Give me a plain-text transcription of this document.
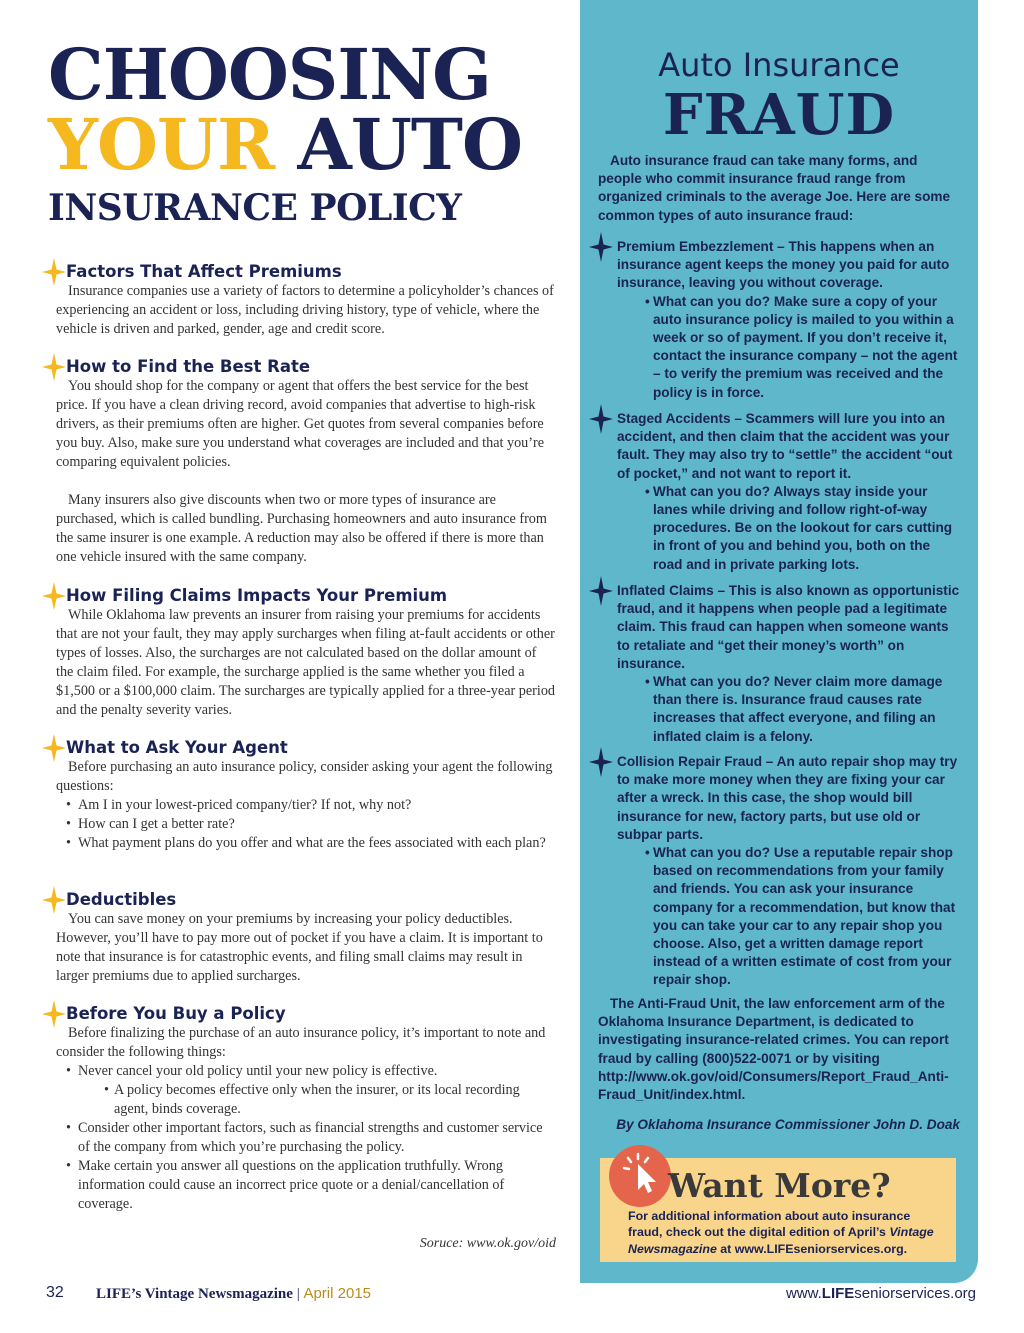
CHOOSING
YOUR AUTO
INSURANCE POLICY
Factors That Affect Premiums

Insurance companies use a variety of factors to determine a policyholder’s chances of experiencing an accident or loss, including driving history, type of vehicle, where the vehicle is driven and parked, gender, age and credit score.

How to Find the Best Rate

You should shop for the company or agent that offers the best service for the best price. If you have a clean driving record, avoid companies that advertise to high-risk drivers, as their premiums often are higher. Get quotes from several companies before you buy. Also, make sure you understand what coverages are included and that you’re comparing equivalent policies.

Many insurers also give discounts when two or more types of insurance are purchased, which is called bundling. Purchasing homeowners and auto insurance from the same insurer is one example. A reduction may also be offered if there is more than one vehicle insured with the same company.

How Filing Claims Impacts Your Premium

While Oklahoma law prevents an insurer from raising your premiums for accidents that are not your fault, they may apply surcharges when filing at-fault accidents or other types of losses. Also, the surcharges are not calculated based on the dollar amount of the claim filed. For example, the surcharge applied is the same whether you filed a $1,500 or a $100,000 claim. The surcharges are typically applied for a three-year period and the penalty severity varies.

What to Ask Your Agent

Before purchasing an auto insurance policy, consider asking your agent the following questions:

• Am I in your lowest-priced company/tier? If not, why not?
• How can I get a better rate?
• What payment plans do you offer and what are the fees associated with each plan?
Deductibles

You can save money on your premiums by increasing your policy deductibles. However, you’ll have to pay more out of pocket if you have a claim. It is important to note that insurance is for catastrophic events, and filing small claims may result in larger premiums due to applied surcharges.

Before You Buy a Policy

Before finalizing the purchase of an auto insurance policy, it’s important to note and consider the following things:

• Never cancel your old policy until your new policy is effective.
• A policy becomes effective only when the insurer, or its local recording agent, binds coverage.
• Consider other important factors, such as financial strengths and customer service of the company from which you’re purchasing the policy.
• Make certain you answer all questions on the application truthfully. Wrong information could cause an incorrect price quote or a denial/cancellation of coverage.
Soruce: www.ok.gov/oid
Auto Insurance
FRAUD

Auto insurance fraud can take many forms, and people who commit insurance fraud range from organized criminals to the average Joe. Here are some common types of auto insurance fraud:

Premium Embezzlement – This happens when an insurance agent keeps the money you paid for auto insurance, leaving you without coverage.
• What can you do? Make sure a copy of your auto insurance policy is mailed to you within a week or so of payment. If you don’t receive it, contact the insurance company – not the agent – to verify the premium was received and the policy is in force.
Staged Accidents – Scammers will lure you into an accident, and then claim that the accident was your fault. They may also try to “settle” the accident “out of pocket,” and not want to report it.
• What can you do? Always stay inside your lanes while driving and follow right-of-way procedures. Be on the lookout for cars cutting in front of you and behind you, both on the road and in private parking lots.
Inflated Claims – This is also known as opportunistic fraud, and it happens when people pad a legitimate claim. This fraud can happen when someone wants to retaliate and “get their money’s worth” on insurance.
• What can you do? Never claim more damage than there is. Insurance fraud causes rate increases that affect everyone, and filing an inflated claim is a felony.
Collision Repair Fraud – An auto repair shop may try to make more money when they are fixing your car after a wreck. In this case, the shop would bill insurance for new, factory parts, but use old or subpar parts.
• What can you do? Use a reputable repair shop based on recommendations from your family and friends. You can ask your insurance company for a recommendation, but know that you can take your car to any repair shop you choose. Also, get a written damage report instead of a written estimate of cost from your repair shop.

The Anti-Fraud Unit, the law enforcement arm of the Oklahoma Insurance Department, is dedicated to investigating insurance-related crimes. You can report fraud by calling (800)522-0071 or by visiting http://www.ok.gov/oid/Consumers/Report_Fraud_Anti-Fraud_Unit/index.html.

By Oklahoma Insurance Commissioner John D. Doak
Want More?
For additional information about auto insurance fraud, check out the digital edition of April’s Vintage Newsmagazine at www.LIFEseniorservices.org.
32 LIFE’s Vintage Newsmagazine | April 2015	www.LIFEseniorservices.org
